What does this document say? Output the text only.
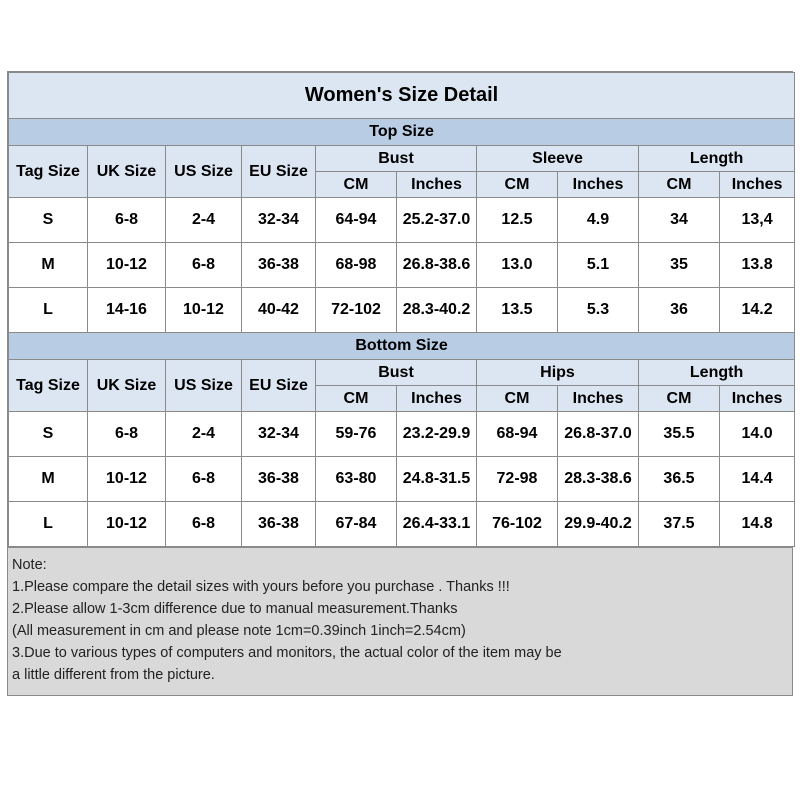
Women's Size Detail									
Top Size									
Tag Size	UK Size	US Size	EU Size	Bust		Sleeve		Length	
				CM	Inches	CM	Inches	CM	Inches
S	6-8	2-4	32-34	64-94	25.2-37.0	12.5	4.9	34	13,4
M	10-12	6-8	36-38	68-98	26.8-38.6	13.0	5.1	35	13.8
L	14-16	10-12	40-42	72-102	28.3-40.2	13.5	5.3	36	14.2
Bottom Size									
Tag Size	UK Size	US Size	EU Size	Bust		Hips		Length	
				CM	Inches	CM	Inches	CM	Inches
S	6-8	2-4	32-34	59-76	23.2-29.9	68-94	26.8-37.0	35.5	14.0
M	10-12	6-8	36-38	63-80	24.8-31.5	72-98	28.3-38.6	36.5	14.4
L	10-12	6-8	36-38	67-84	26.4-33.1	76-102	29.9-40.2	37.5	14.8
Note:
1.Please compare the detail sizes with yours before you purchase . Thanks !!!
2.Please allow 1-3cm difference due to manual measurement.Thanks
(All measurement in cm and please note 1cm=0.39inch 1inch=2.54cm)
3.Due to various types of computers and monitors, the actual color of the item may be
a little different from the picture.
